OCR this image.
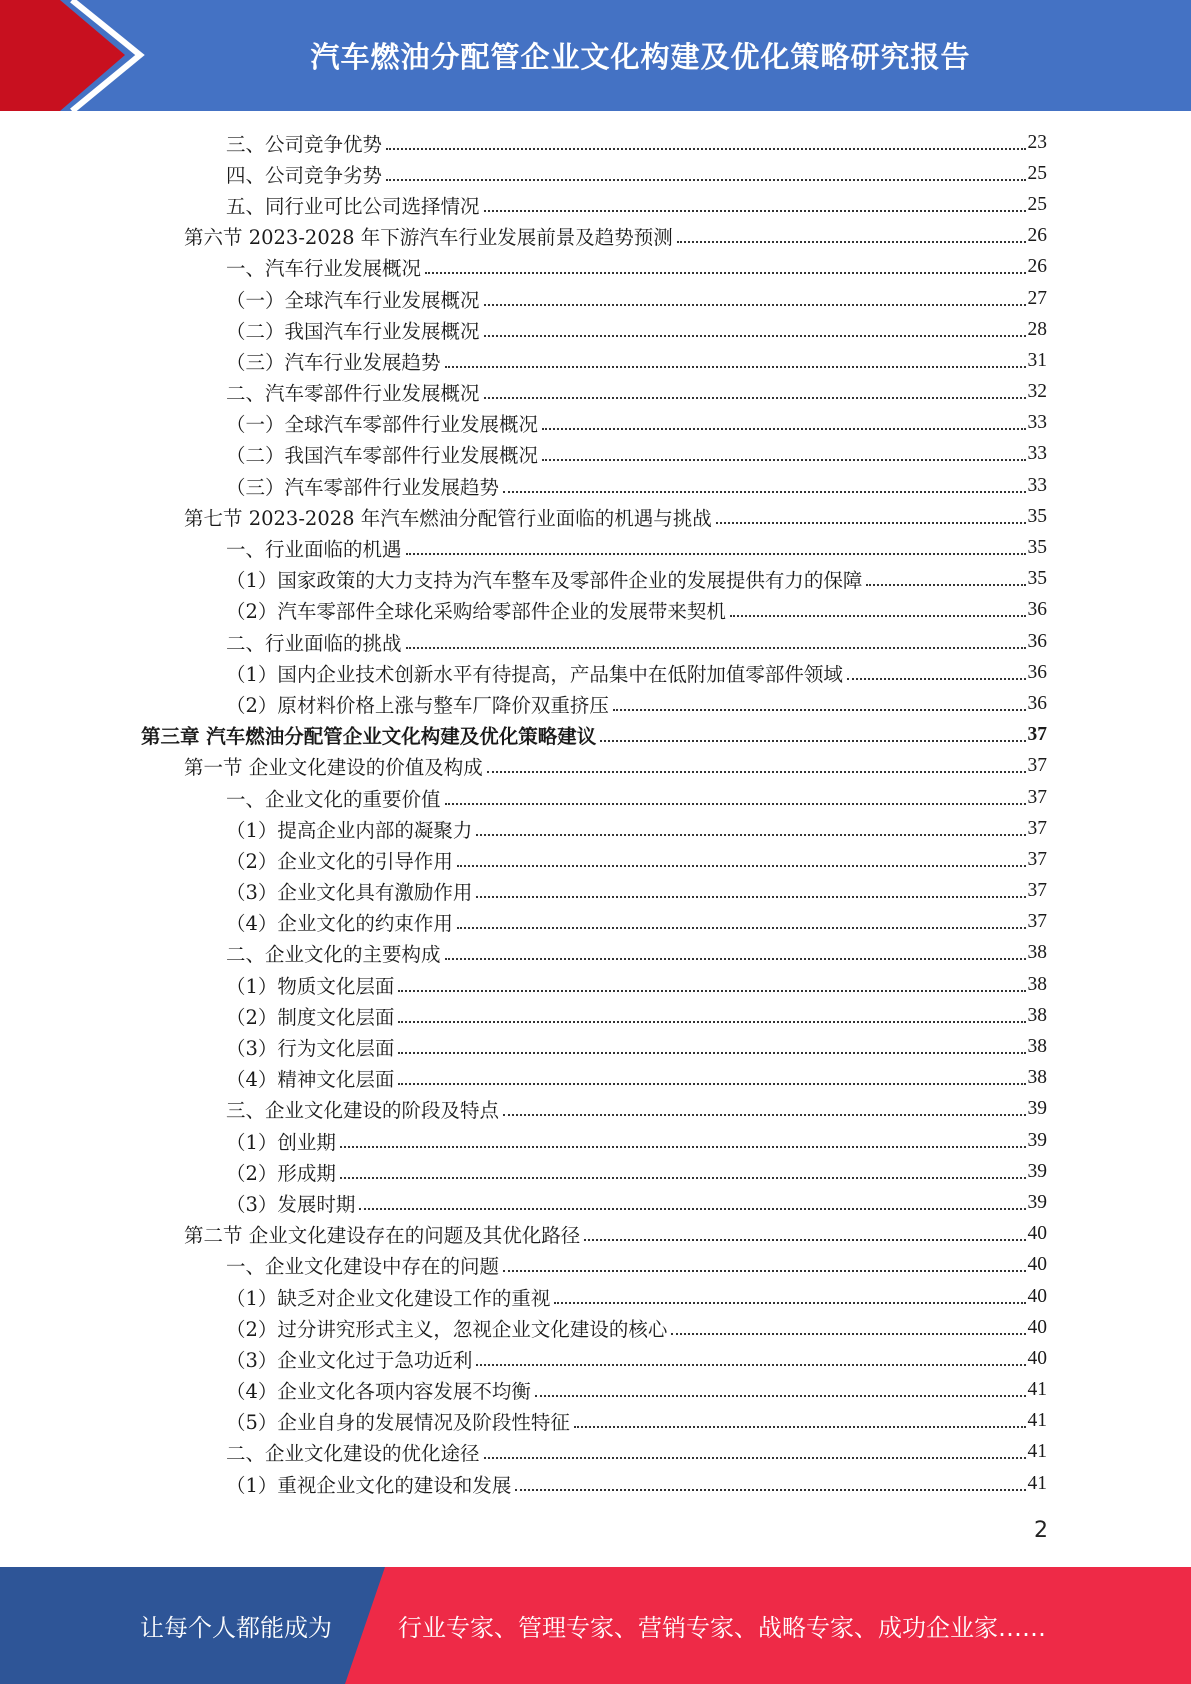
汽车燃油分配管企业文化构建及优化策略研究报告
三、公司竞争优势	23
四、公司竞争劣势	25
五、同行业可比公司选择情况	25
第六节 2023-2028 年下游汽车行业发展前景及趋势预测	26
一、汽车行业发展概况	26
（一）全球汽车行业发展概况	27
（二）我国汽车行业发展概况	28
（三）汽车行业发展趋势	31
二、汽车零部件行业发展概况	32
（一）全球汽车零部件行业发展概况	33
（二）我国汽车零部件行业发展概况	33
（三）汽车零部件行业发展趋势	33
第七节 2023-2028 年汽车燃油分配管行业面临的机遇与挑战	35
一、行业面临的机遇	35
（1）国家政策的大力支持为汽车整车及零部件企业的发展提供有力的保障	35
（2）汽车零部件全球化采购给零部件企业的发展带来契机	36
二、行业面临的挑战	36
（1）国内企业技术创新水平有待提高，产品集中在低附加值零部件领域	36
（2）原材料价格上涨与整车厂降价双重挤压	36
第三章 汽车燃油分配管企业文化构建及优化策略建议	37
第一节 企业文化建设的价值及构成	37
一、企业文化的重要价值	37
（1）提高企业内部的凝聚力	37
（2）企业文化的引导作用	37
（3）企业文化具有激励作用	37
（4）企业文化的约束作用	37
二、企业文化的主要构成	38
（1）物质文化层面	38
（2）制度文化层面	38
（3）行为文化层面	38
（4）精神文化层面	38
三、企业文化建设的阶段及特点	39
（1）创业期	39
（2）形成期	39
（3）发展时期	39
第二节 企业文化建设存在的问题及其优化路径	40
一、企业文化建设中存在的问题	40
（1）缺乏对企业文化建设工作的重视	40
（2）过分讲究形式主义，忽视企业文化建设的核心	40
（3）企业文化过于急功近利	40
（4）企业文化各项内容发展不均衡	41
（5）企业自身的发展情况及阶段性特征	41
二、企业文化建设的优化途径	41
（1）重视企业文化的建设和发展	41
2
让每个人都能成为	行业专家、管理专家、营销专家、战略专家、成功企业家……
